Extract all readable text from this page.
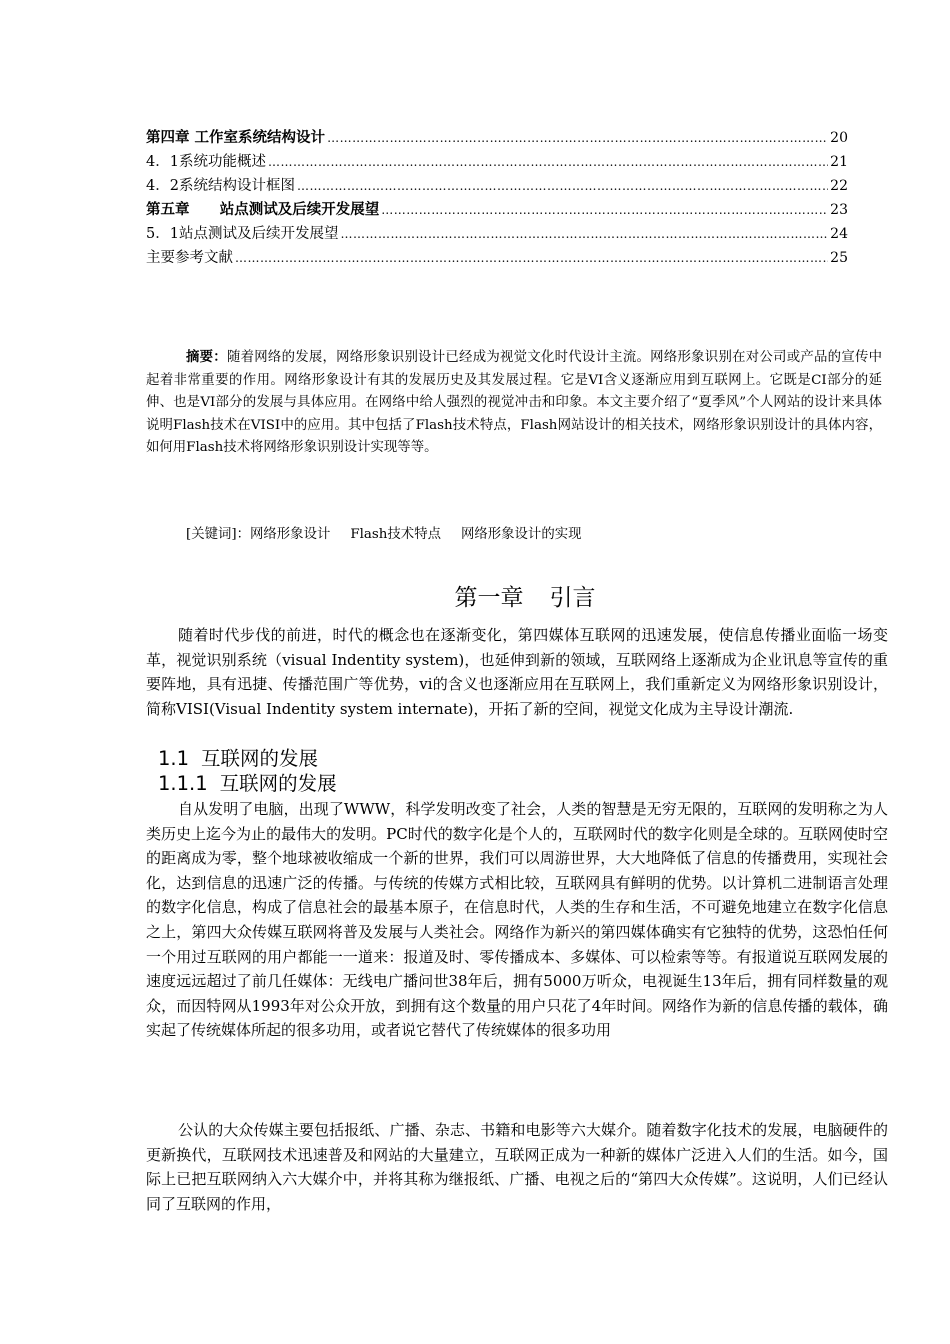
第四章 工作室系统结构设计 …………………………………………………………………………………………………………………………………………………………………………………………	20
4．1系统功能概述 …………………………………………………………………………………………………………………………………………………………………………………………	21
4．2系统结构设计框图 …………………………………………………………………………………………………………………………………………………………………………………………	22
第五章      站点测试及后续开发展望 …………………………………………………………………………………………………………………………………………………………………………………………	23
5．1站点测试及后续开发展望 …………………………………………………………………………………………………………………………………………………………………………………………	24
主要参考文献 …………………………………………………………………………………………………………………………………………………………………………………………	25
摘要：随着网络的发展，网络形象识别设计已经成为视觉文化时代设计主流。网络形象识别在对公司或产品的宣传中起着非常重要的作用。网络形象设计有其的发展历史及其发展过程。它是VI含义逐渐应用到互联网上。它既是CI部分的延伸、也是VI部分的发展与具体应用。在网络中给人强烈的视觉冲击和印象。本文主要介绍了“夏季风”个人网站的设计来具体说明Flash技术在VISI中的应用。其中包括了Flash技术特点，Flash网站设计的相关技术，网络形象识别设计的具体内容，如何用Flash技术将网络形象识别设计实现等等。
[关键词]：网络形象设计 Flash技术特点 网络形象设计的实现
第一章 引言
随着时代步伐的前进，时代的概念也在逐渐变化，第四媒体互联网的迅速发展，使信息传播业面临一场变革，视觉识别系统（visual Indentity system)，也延伸到新的领域，互联网络上逐渐成为企业讯息等宣传的重要阵地，具有迅捷、传播范围广等优势，vi的含义也逐渐应用在互联网上，我们重新定义为网络形象识别设计，简称VISI(Visual Indentity system internate)，开拓了新的空间，视觉文化成为主导设计潮流.
1.1 互联网的发展
1.1.1 互联网的发展
自从发明了电脑，出现了WWW，科学发明改变了社会，人类的智慧是无穷无限的，互联网的发明称之为人类历史上迄今为止的最伟大的发明。PC时代的数字化是个人的，互联网时代的数字化则是全球的。互联网使时空的距离成为零，整个地球被收缩成一个新的世界，我们可以周游世界，大大地降低了信息的传播费用，实现社会化，达到信息的迅速广泛的传播。与传统的传媒方式相比较，互联网具有鲜明的优势。以计算机二进制语言处理的数字化信息，构成了信息社会的最基本原子，在信息时代，人类的生存和生活，不可避免地建立在数字化信息之上，第四大众传媒互联网将普及发展与人类社会。网络作为新兴的第四媒体确实有它独特的优势，这恐怕任何一个用过互联网的用户都能一一道来：报道及时、零传播成本、多媒体、可以检索等等。有报道说互联网发展的速度远远超过了前几任媒体：无线电广播问世38年后，拥有5000万听众，电视诞生13年后，拥有同样数量的观众，而因特网从1993年对公众开放，到拥有这个数量的用户只花了4年时间。网络作为新的信息传播的载体，确实起了传统媒体所起的很多功用，或者说它替代了传统媒体的很多功用
公认的大众传媒主要包括报纸、广播、杂志、书籍和电影等六大媒介。随着数字化技术的发展，电脑硬件的更新换代，互联网技术迅速普及和网站的大量建立，互联网正成为一种新的媒体广泛进入人们的生活。如今，国际上已把互联网纳入六大媒介中，并将其称为继报纸、广播、电视之后的“第四大众传媒”。这说明，人们已经认同了互联网的作用，
